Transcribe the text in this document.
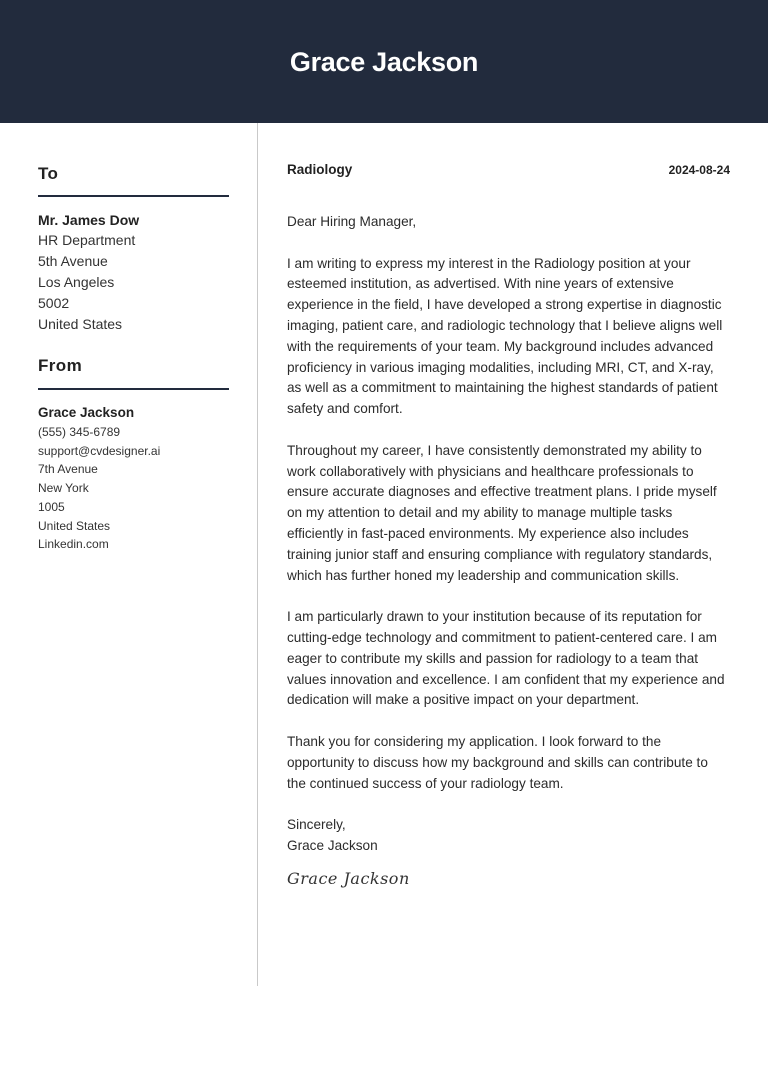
Grace Jackson
To
Mr. James Dow
HR Department
5th Avenue
Los Angeles
5002
United States
From
Grace Jackson
(555) 345-6789
support@cvdesigner.ai
7th Avenue
New York
1005
United States
Linkedin.com
Radiology	2024-08-24

Dear Hiring Manager,

I am writing to express my interest in the Radiology position at your esteemed institution, as advertised. With nine years of extensive experience in the field, I have developed a strong expertise in diagnostic imaging, patient care, and radiologic technology that I believe aligns well with the requirements of your team. My background includes advanced proficiency in various imaging modalities, including MRI, CT, and X-ray, as well as a commitment to maintaining the highest standards of patient safety and comfort.

Throughout my career, I have consistently demonstrated my ability to work collaboratively with physicians and healthcare professionals to ensure accurate diagnoses and effective treatment plans. I pride myself on my attention to detail and my ability to manage multiple tasks efficiently in fast-paced environments. My experience also includes training junior staff and ensuring compliance with regulatory standards, which has further honed my leadership and communication skills.

I am particularly drawn to your institution because of its reputation for cutting-edge technology and commitment to patient-centered care. I am eager to contribute my skills and passion for radiology to a team that values innovation and excellence. I am confident that my experience and dedication will make a positive impact on your department.

Thank you for considering my application. I look forward to the opportunity to discuss how my background and skills can contribute to the continued success of your radiology team.

Sincerely,

Grace Jackson

Grace Jackson
